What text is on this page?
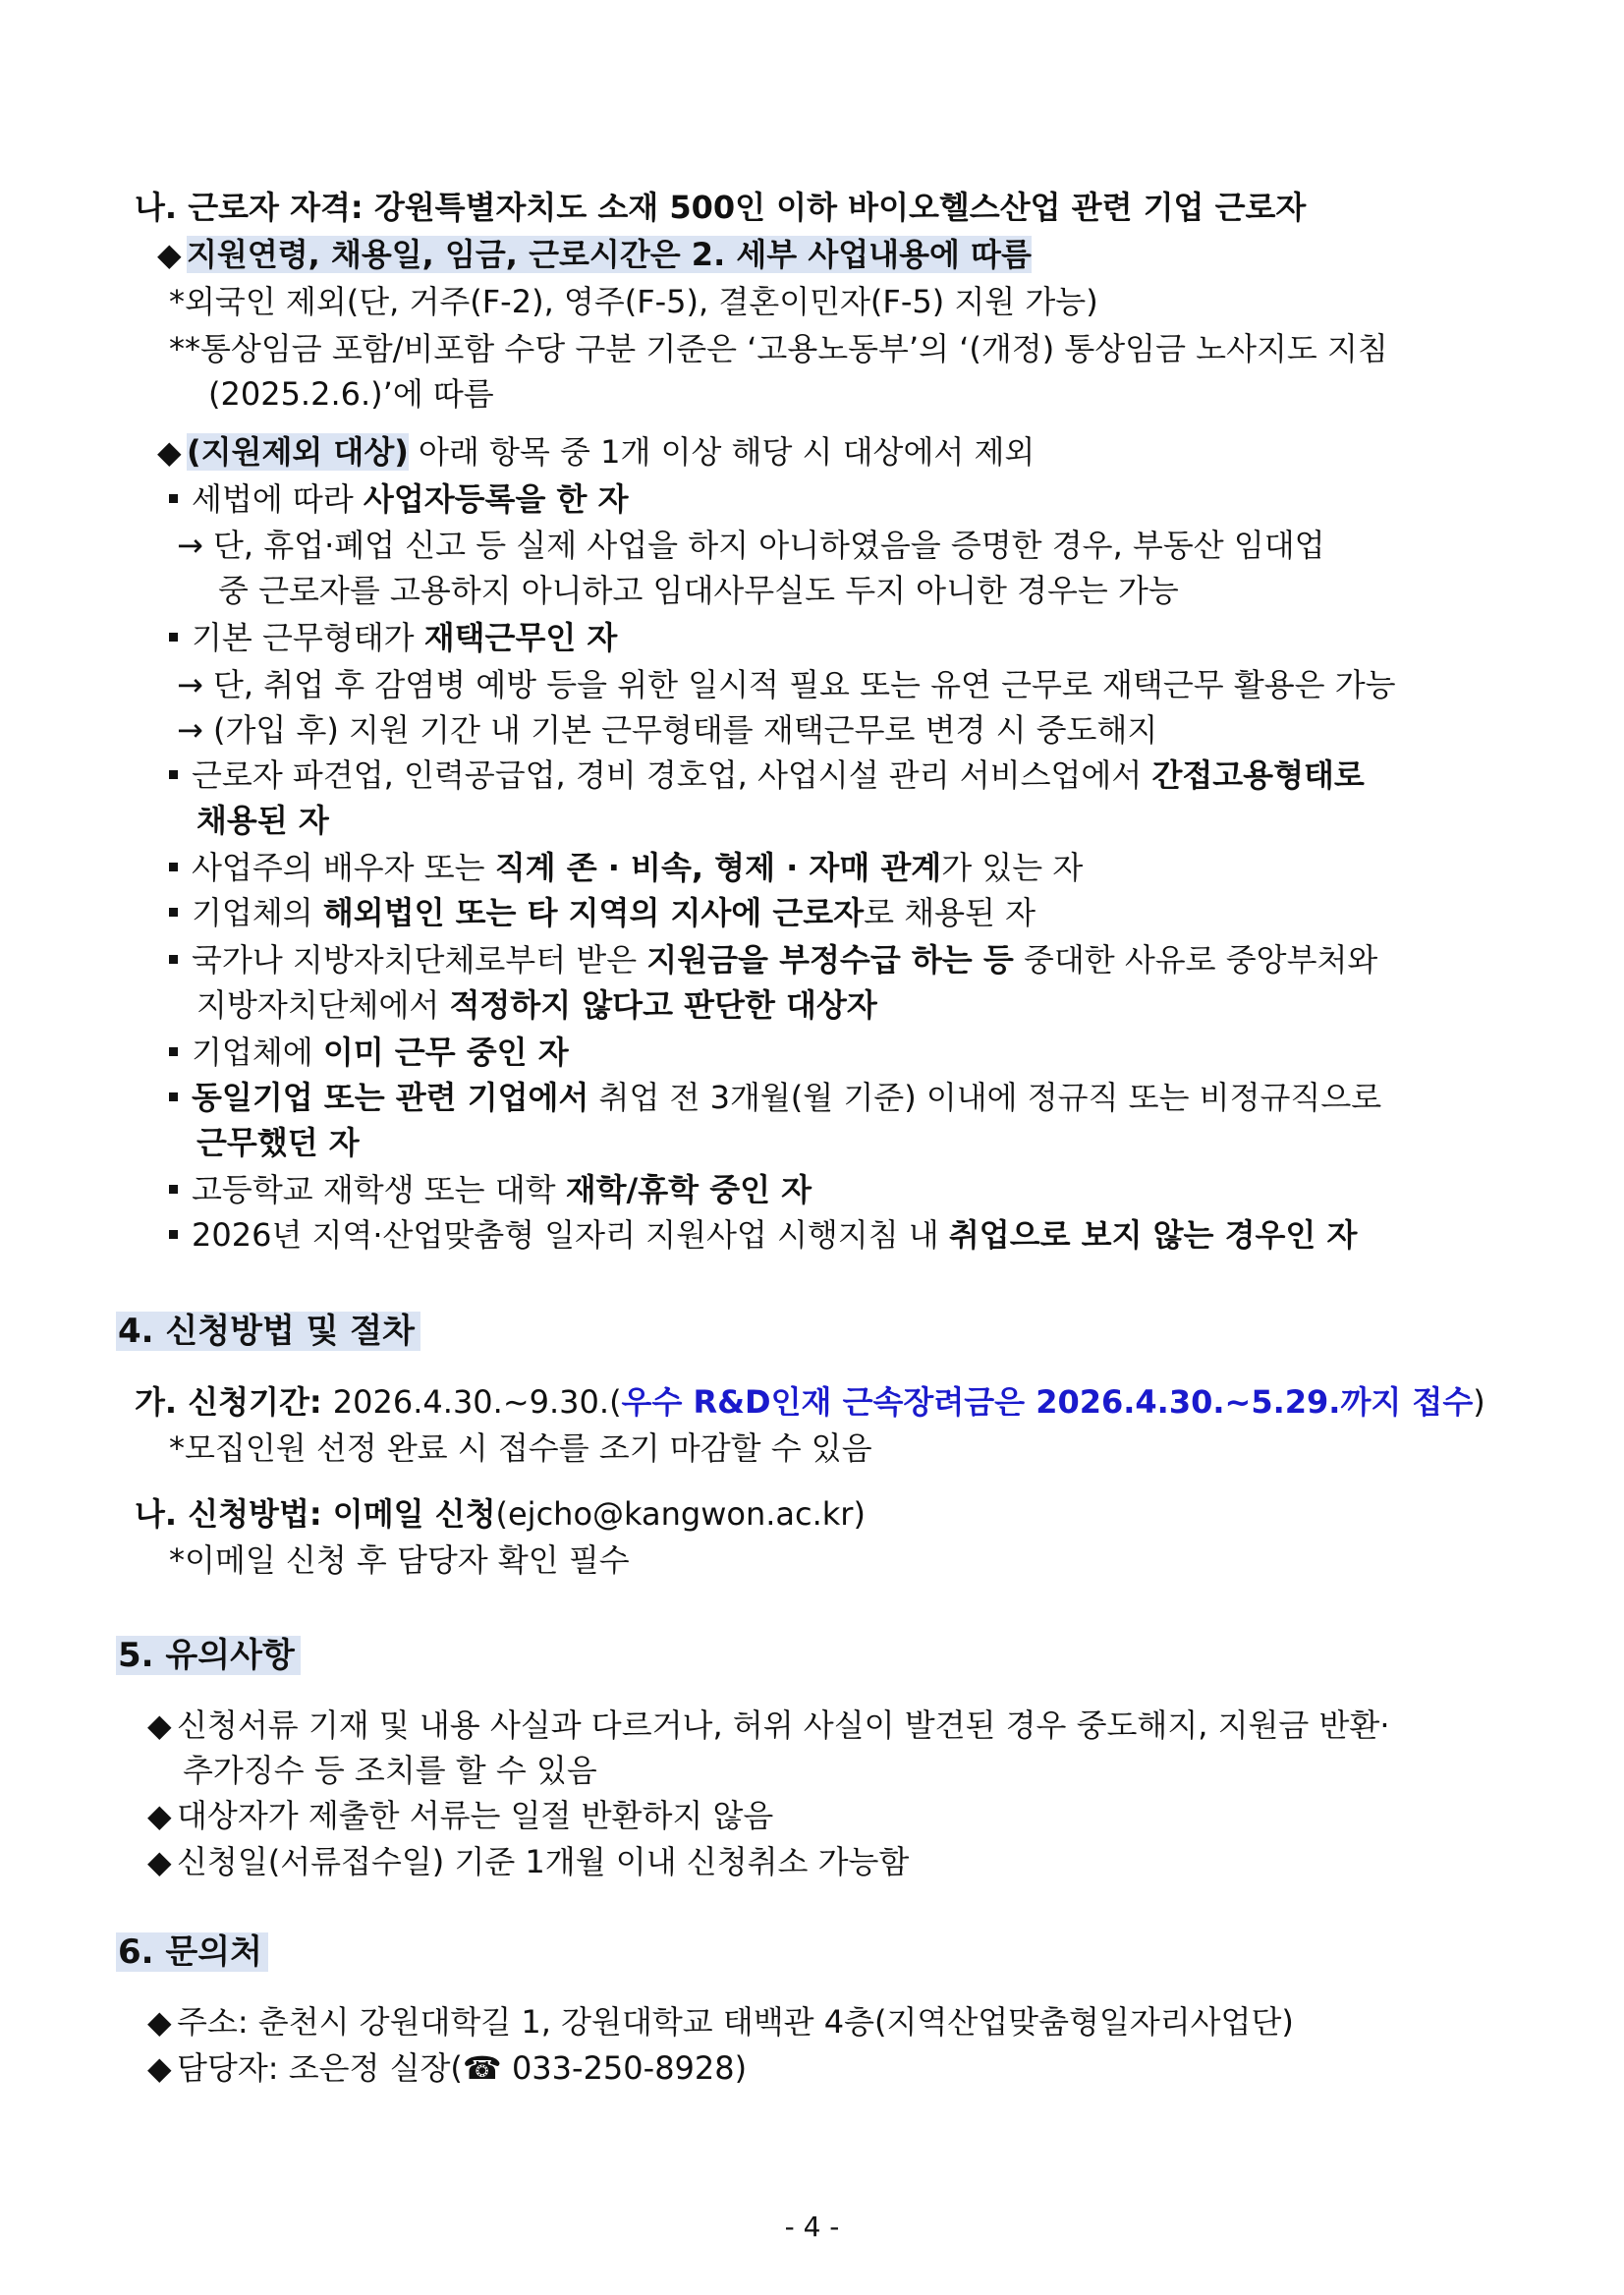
나. 근로자 자격: 강원특별자치도 소재 500인 이하 바이오헬스산업 관련 기업 근로자
◆ 지원연령, 채용일, 임금, 근로시간은 2. 세부 사업내용에 따름
*외국인 제외(단, 거주(F-2), 영주(F-5), 결혼이민자(F-5) 지원 가능)
**통상임금 포함/비포함 수당 구분 기준은 ‘고용노동부’의 ‘(개정) 통상임금 노사지도 지침
(2025.2.6.)’에 따름
◆ (지원제외 대상) 아래 항목 중 1개 이상 해당 시 대상에서 제외
세법에 따라 사업자등록을 한 자
→ 단, 휴업·폐업 신고 등 실제 사업을 하지 아니하였음을 증명한 경우, 부동산 임대업
중 근로자를 고용하지 아니하고 임대사무실도 두지 아니한 경우는 가능
기본 근무형태가 재택근무인 자
→ 단, 취업 후 감염병 예방 등을 위한 일시적 필요 또는 유연 근무로 재택근무 활용은 가능
→ (가입 후) 지원 기간 내 기본 근무형태를 재택근무로 변경 시 중도해지
근로자 파견업, 인력공급업, 경비 경호업, 사업시설 관리 서비스업에서 간접고용형태로
채용된 자
사업주의 배우자 또는 직계 존 · 비속, 형제 · 자매 관계가 있는 자
기업체의 해외법인 또는 타 지역의 지사에 근로자로 채용된 자
국가나 지방자치단체로부터 받은 지원금을 부정수급 하는 등 중대한 사유로 중앙부처와
지방자치단체에서 적정하지 않다고 판단한 대상자
기업체에 이미 근무 중인 자
동일기업 또는 관련 기업에서 취업 전 3개월(월 기준) 이내에 정규직 또는 비정규직으로
근무했던 자
고등학교 재학생 또는 대학 재학/휴학 중인 자
2026년 지역·산업맞춤형 일자리 지원사업 시행지침 내 취업으로 보지 않는 경우인 자
4. 신청방법 및 절차
가. 신청기간: 2026.4.30.~9.30.(우수 R&D인재 근속장려금은 2026.4.30.~5.29.까지 접수)
*모집인원 선정 완료 시 접수를 조기 마감할 수 있음
나. 신청방법: 이메일 신청(ejcho@kangwon.ac.kr)
*이메일 신청 후 담당자 확인 필수
5. 유의사항
◆ 신청서류 기재 및 내용 사실과 다르거나, 허위 사실이 발견된 경우 중도해지, 지원금 반환·
추가징수 등 조치를 할 수 있음
◆ 대상자가 제출한 서류는 일절 반환하지 않음
◆ 신청일(서류접수일) 기준 1개월 이내 신청취소 가능함
6. 문의처
◆ 주소: 춘천시 강원대학길 1, 강원대학교 태백관 4층(지역산업맞춤형일자리사업단)
◆ 담당자: 조은정 실장(☎ 033-250-8928)
- 4 -
